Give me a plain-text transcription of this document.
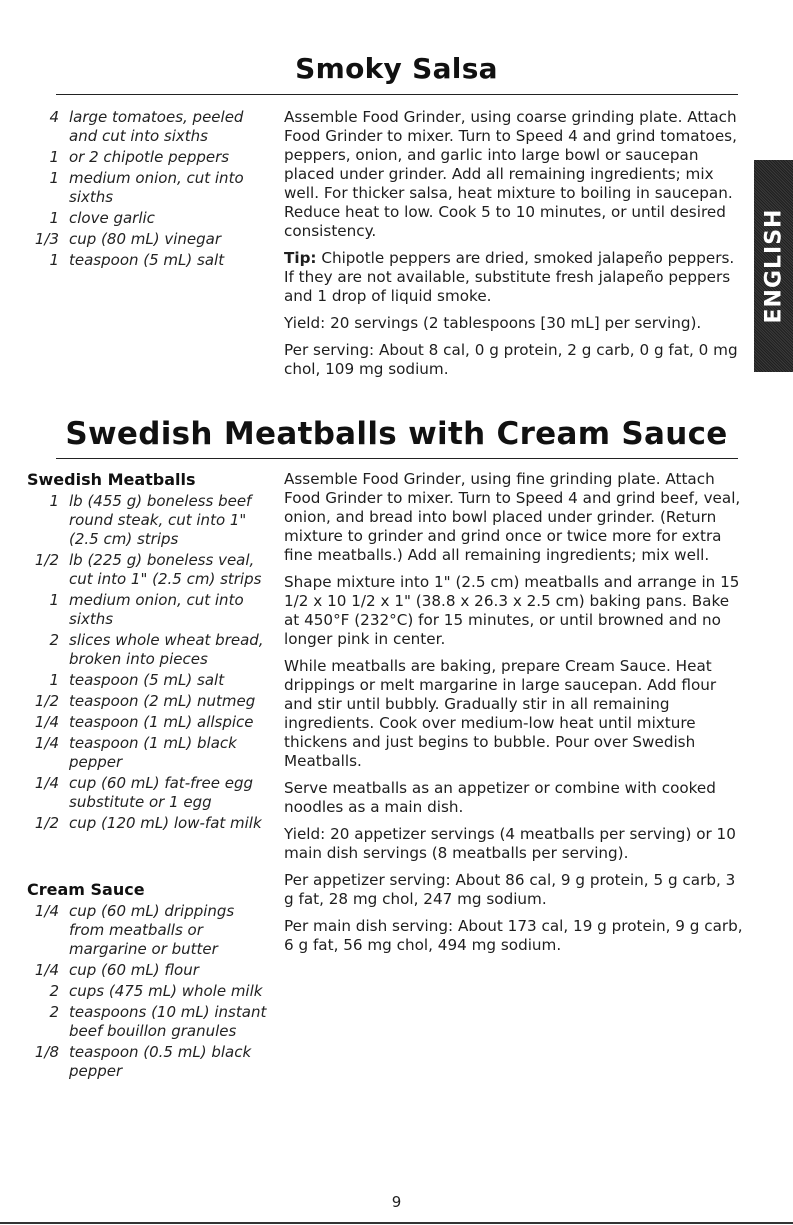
Smoky Salsa
4 large tomatoes, peeled and cut into sixths
1 or 2 chipotle peppers
1 medium onion, cut into sixths
1 clove garlic
1/3 cup (80 mL) vinegar
1 teaspoon (5 mL) salt

Assemble Food Grinder, using coarse grinding plate. Attach Food Grinder to mixer. Turn to Speed 4 and grind tomatoes, peppers, onion, and garlic into large bowl or saucepan placed under grinder. Add all remaining ingredients; mix well. For thicker salsa, heat mixture to boiling in saucepan. Reduce heat to low. Cook 5 to 10 minutes, or until desired consistency.

Tip: Chipotle peppers are dried, smoked jalapeño peppers. If they are not available, substitute fresh jalapeño peppers and 1 drop of liquid smoke.

Yield: 20 servings (2 tablespoons [30 mL] per serving).

Per serving: About 8 cal, 0 g protein, 2 g carb, 0 g fat, 0 mg chol, 109 mg sodium.

ENGLISH
Swedish Meatballs with Cream Sauce
Swedish Meatballs
1 lb (455 g) boneless beef round steak, cut into 1" (2.5 cm) strips
1/2 lb (225 g) boneless veal, cut into 1" (2.5 cm) strips
1 medium onion, cut into sixths
2 slices whole wheat bread, broken into pieces
1 teaspoon (5 mL) salt
1/2 teaspoon (2 mL) nutmeg
1/4 teaspoon (1 mL) allspice
1/4 teaspoon (1 mL) black pepper
1/4 cup (60 mL) fat-free egg substitute or 1 egg
1/2 cup (120 mL) low-fat milk
Cream Sauce
1/4 cup (60 mL) drippings from meatballs or margarine or butter
1/4 cup (60 mL) flour
2 cups (475 mL) whole milk
2 teaspoons (10 mL) instant beef bouillon granules
1/8 teaspoon (0.5 mL) black pepper

Assemble Food Grinder, using fine grinding plate. Attach Food Grinder to mixer. Turn to Speed 4 and grind beef, veal, onion, and bread into bowl placed under grinder. (Return mixture to grinder and grind once or twice more for extra fine meatballs.) Add all remaining ingredients; mix well.

Shape mixture into 1" (2.5 cm) meatballs and arrange in 15 1/2 x 10 1/2 x 1" (38.8 x 26.3 x 2.5 cm) baking pans. Bake at 450°F (232°C) for 15 minutes, or until browned and no longer pink in center.

While meatballs are baking, prepare Cream Sauce. Heat drippings or melt margarine in large saucepan. Add flour and stir until bubbly. Gradually stir in all remaining ingredients. Cook over medium-low heat until mixture thickens and just begins to bubble. Pour over Swedish Meatballs.

Serve meatballs as an appetizer or combine with cooked noodles as a main dish.

Yield: 20 appetizer servings (4 meatballs per serving) or 10 main dish servings (8 meatballs per serving).

Per appetizer serving: About 86 cal, 9 g protein, 5 g carb, 3 g fat, 28 mg chol, 247 mg sodium.

Per main dish serving: About 173 cal, 19 g protein, 9 g carb, 6 g fat, 56 mg chol, 494 mg sodium.

9
